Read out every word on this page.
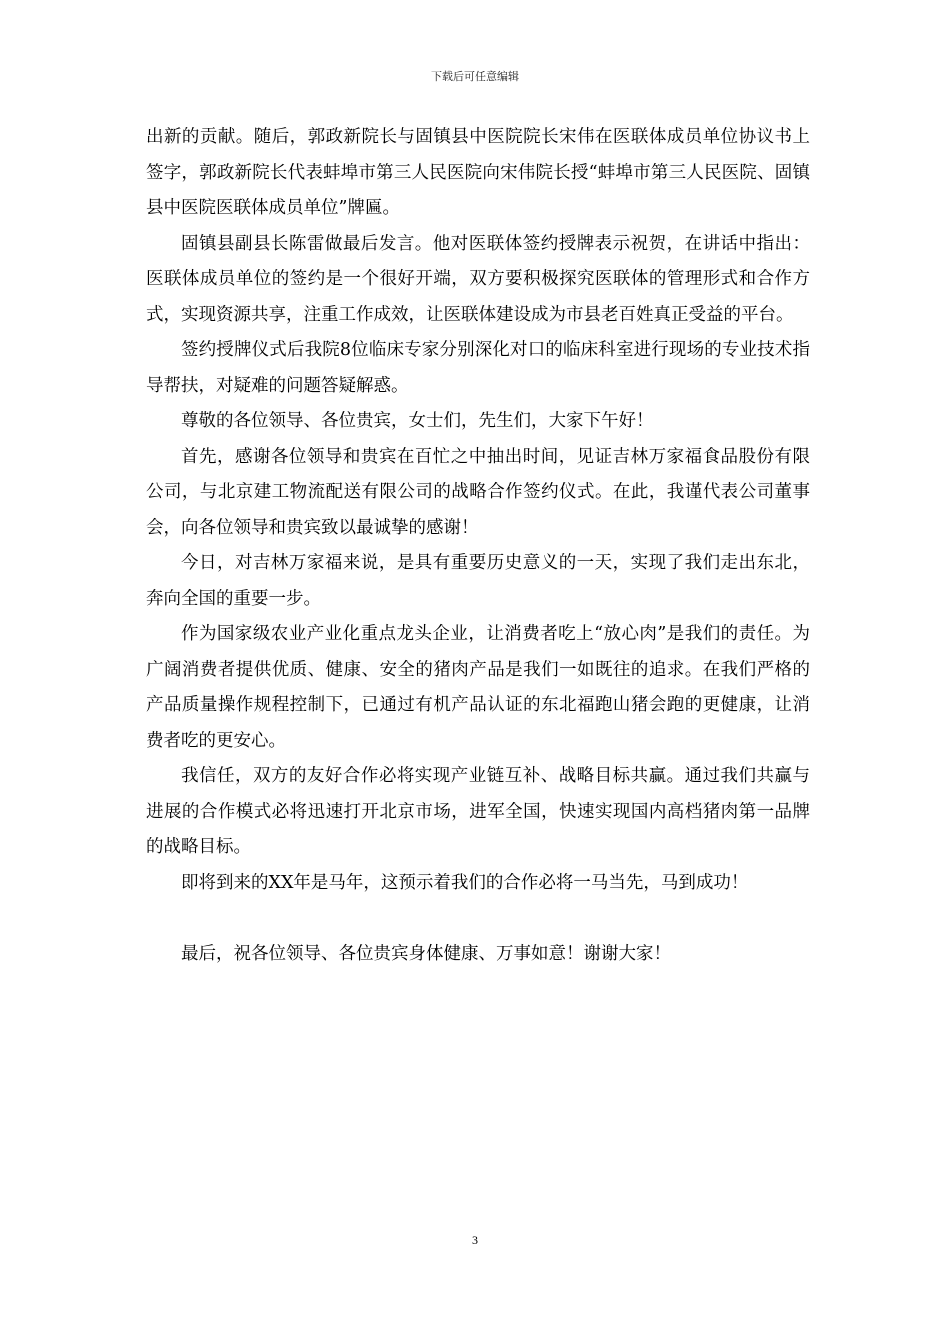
下载后可任意编辑

出新的贡献。随后，郭政新院长与固镇县中医院院长宋伟在医联体成员单位协议书上签字，郭政新院长代表蚌埠市第三人民医院向宋伟院长授“蚌埠市第三人民医院、固镇县中医院医联体成员单位”牌匾。

固镇县副县长陈雷做最后发言。他对医联体签约授牌表示祝贺，在讲话中指出：医联体成员单位的签约是一个很好开端，双方要积极探究医联体的管理形式和合作方式，实现资源共享，注重工作成效，让医联体建设成为市县老百姓真正受益的平台。

签约授牌仪式后我院8位临床专家分别深化对口的临床科室进行现场的专业技术指导帮扶，对疑难的问题答疑解惑。

尊敬的各位领导、各位贵宾，女士们，先生们，大家下午好！

首先，感谢各位领导和贵宾在百忙之中抽出时间，见证吉林万家福食品股份有限公司，与北京建工物流配送有限公司的战略合作签约仪式。在此，我谨代表公司董事会，向各位领导和贵宾致以最诚挚的感谢！

今日，对吉林万家福来说，是具有重要历史意义的一天，实现了我们走出东北，奔向全国的重要一步。

作为国家级农业产业化重点龙头企业，让消费者吃上“放心肉”是我们的责任。为广阔消费者提供优质、健康、安全的猪肉产品是我们一如既往的追求。在我们严格的产品质量操作规程控制下，已通过有机产品认证的东北福跑山猪会跑的更健康，让消费者吃的更安心。

我信任，双方的友好合作必将实现产业链互补、战略目标共赢。通过我们共赢与进展的合作模式必将迅速打开北京市场，进军全国，快速实现国内高档猪肉第一品牌的战略目标。

即将到来的XX年是马年，这预示着我们的合作必将一马当先，马到成功！

最后，祝各位领导、各位贵宾身体健康、万事如意！谢谢大家！

3
